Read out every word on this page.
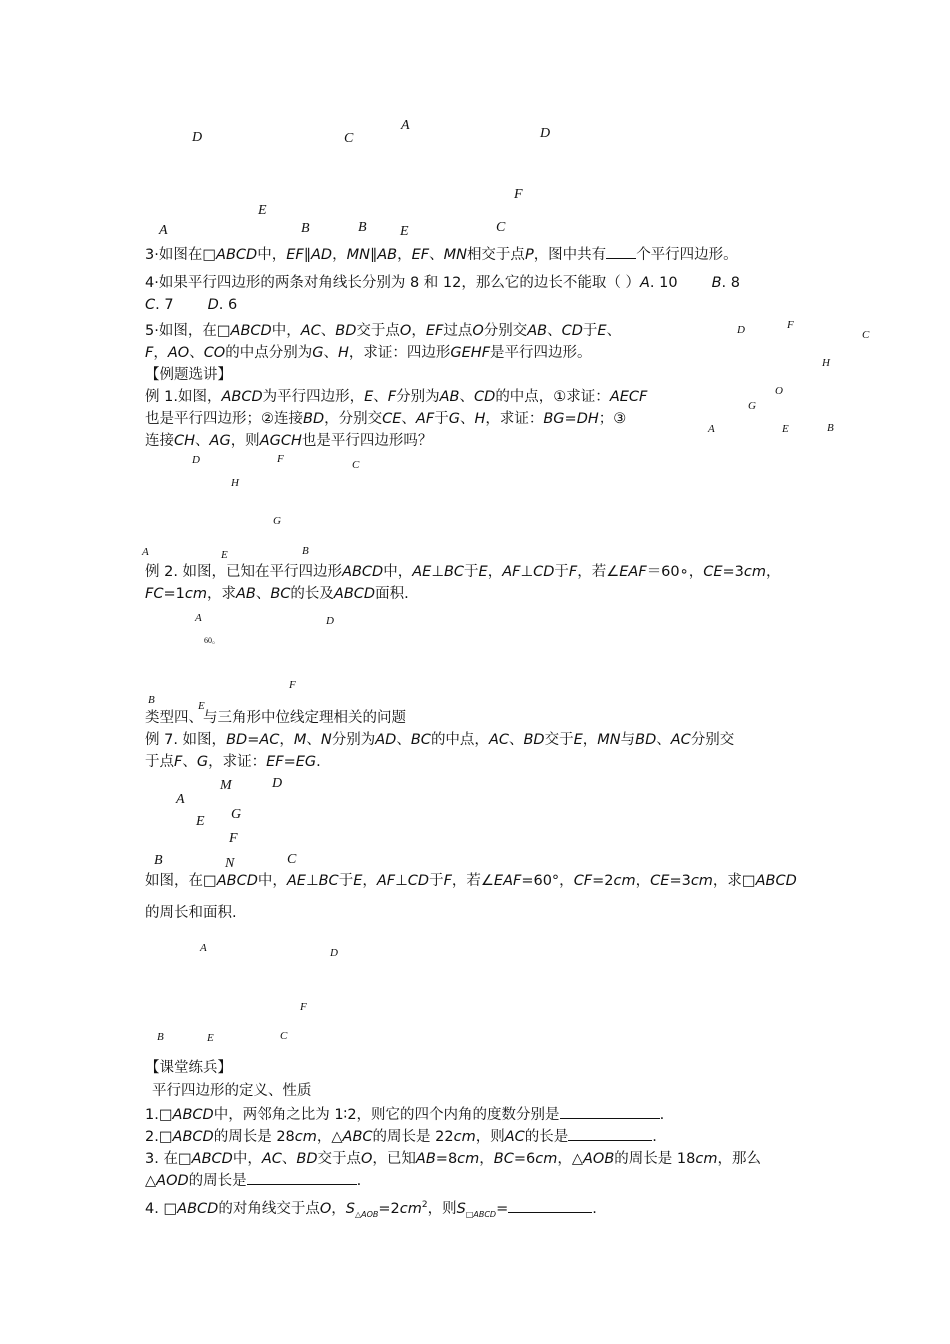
D	C
A
E
B
A
D
F
B E	C
3·如图在□ABCD中，EF∥AD，MN∥AB，EF、MN相交于点P，图中共有 个平行四边形。
4·如果平行四边形的两条对角线长分别为 8 和 12，那么它的边长不能取（ ）A. 10 B. 8
C. 7 D. 6
5·如图，在□ABCD中，AC、BD交于点O，EF过点O分别交AB、CD于E、
F，AO、CO的中点分别为G、H，求证：四边形GEHF是平行四边形。
D	F
C
H
O
G
A	E	B
【例题选讲】
例 1.如图，ABCD为平行四边形，E、F分别为AB、CD的中点，①求证：AECF
也是平行四边形；②连接BD，分别交CE、AF于G、H，求证：BG=DH；③
连接CH、AG，则AGCH也是平行四边形吗？
D	F	C
H
G
A	E	B
例 2. 如图，已知在平行四边形ABCD中，AE⊥BC于E，AF⊥CD于F，若∠EAF＝60∘，CE=3cm，
FC=1cm，求AB、BC的长及ABCD面积.
A
60。
D
F
B	E
类型四、与三角形中位线定理相关的问题
例 7. 如图，BD=AC，M、N分别为AD、BC的中点，AC、BD交于E，MN与BD、AC分别交
于点F、G，求证：EF=EG.
M	D
A
G
E
F
B	N	C
如图，在□ABCD中，AE⊥BC于E，AF⊥CD于F，若∠EAF=60°，CF=2cm，CE=3cm，求□ABCD
的周长和面积.
A	D
F
B	E	C
【课堂练兵】
平行四边形的定义、性质
1.□ABCD中，两邻角之比为 1∶2，则它的四个内角的度数分别是	.
2.□ABCD的周长是 28cm，△ABC的周长是 22cm，则AC的长是	.
3. 在□ABCD中，AC、BD交于点O，已知AB=8cm，BC=6cm，△AOB的周长是 18cm，那么
△AOD的周长是	.
4. □ABCD的对角线交于点O，$S_{\triangle AOB}=2cm^2$，则$S_{□ABCD}=$	.
